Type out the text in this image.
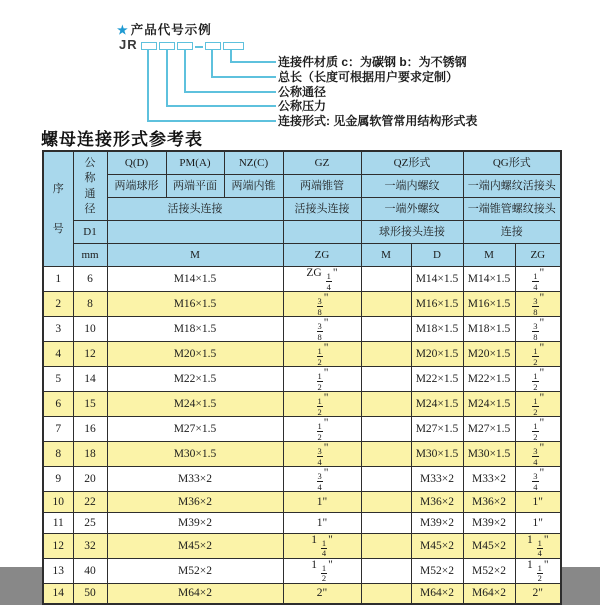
★ 产品代号示例
JR
连接件材质 c：为碳钢 b：为不锈钢
总长（长度可根据用户要求定制）
公称通径
公称压力
连接形式: 见金属软管常用结构形式表
螺母连接形式参考表
序
号

公
称
通
径
	Q(D)	PM(A)	NZ(C)	GZ	QZ形式	QG形式
		两端球形	两端平面	两端内锥	两端锥管	一端内螺纹		一端内螺纹活接头	
		活接头连接			活接头连接	一端外螺纹		一端锥管螺纹接头	
	D1					球形接头连接		连接	
	mm	M			ZG	M	D	M	ZG
1	6	M14×1.5			ZG $\frac{1}{4}$ "		M14×1.5	M14×1.5	$\frac{1}{4}$ "
2	8	M16×1.5			$\frac{3}{8}$ "		M16×1.5	M16×1.5	$\frac{3}{8}$ "
3	10	M18×1.5			$\frac{3}{8}$ "		M18×1.5	M18×1.5	$\frac{3}{8}$ "
4	12	M20×1.5			$\frac{1}{2}$ "		M20×1.5	M20×1.5	$\frac{1}{2}$ "
5	14	M22×1.5			$\frac{1}{2}$ "		M22×1.5	M22×1.5	$\frac{1}{2}$ "
6	15	M24×1.5			$\frac{1}{2}$ "		M24×1.5	M24×1.5	$\frac{1}{2}$ "
7	16	M27×1.5			$\frac{1}{2}$ "		M27×1.5	M27×1.5	$\frac{1}{2}$ "
8	18	M30×1.5			$\frac{3}{4}$ "		M30×1.5	M30×1.5	$\frac{3}{4}$ "
9	20	M33×2			$\frac{3}{4}$ "		M33×2	M33×2	$\frac{3}{4}$ "
10	22	M36×2			1"		M36×2	M36×2	1"
11	25	M39×2			1"		M39×2	M39×2	1"
12	32	M45×2			$1 \frac{1}{4}$ "		M45×2	M45×2	$1 \frac{1}{4}$ "
13	40	M52×2			$1 \frac{1}{2}$ "		M52×2	M52×2	$1 \frac{1}{2}$ "
14	50	M64×2			2"		M64×2	M64×2	2"
